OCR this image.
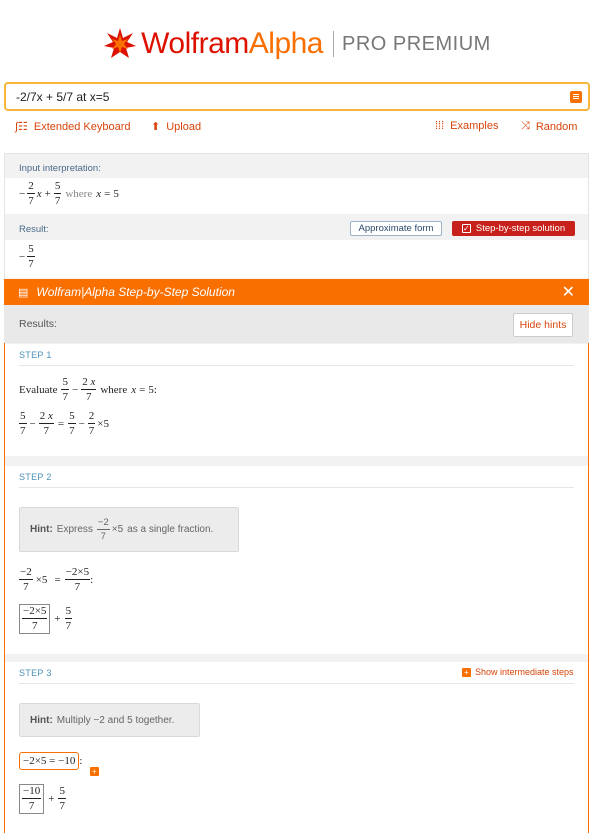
Wolfram Alpha PRO PREMIUM
-2/7x + 5/7 at x=5
∫☷ Extended Keyboard ⬆ Upload	⁞⁞⁞ Examples ⤨ Random
Input interpretation:
− $\frac{2}{7}$ $x + \frac{5}{7}$ where x = 5
Result:	Approximate form	✓ Step-by-step solution
− $\frac{5}{7}$
▤ Wolfram|Alpha Step-by-Step Solution	✕
Results:	Hide hints
STEP 1
Evaluate $\frac{5}{7} - \frac{2 x}{7}$ where x = 5:
$\frac{5}{7} - \frac{2 x}{7} = \frac{5}{7} - \frac{2}{7} \times 5$
STEP 2
Hint: Express $\frac{-2}{7} \times 5$ as a single fraction.
$\frac{-2}{7} \times 5 = \frac{-2\times 5}{7}$ :
$\frac{-2\times 5}{7} + \frac{5}{7}$
STEP 3	+ Show intermediate steps
Hint: Multiply −2 and 5 together.
−2×5 = −10 :
+
$\frac{-10}{7} + \frac{5}{7}$
